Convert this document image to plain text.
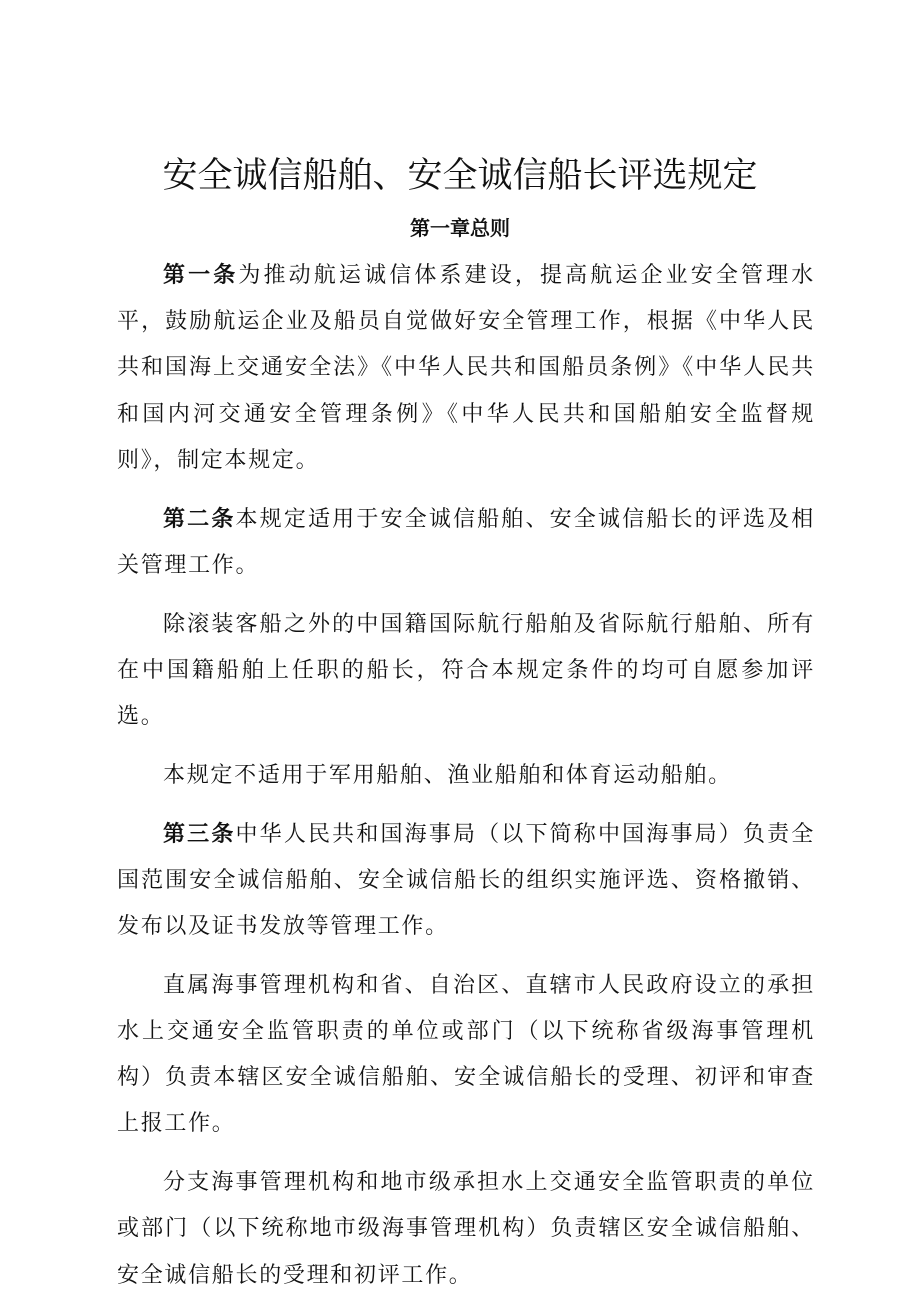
安全诚信船舶、安全诚信船长评选规定
第一章总则

第一条为推动航运诚信体系建设，提高航运企业安全管理水平，鼓励航运企业及船员自觉做好安全管理工作，根据《中华人民共和国海上交通安全法》《中华人民共和国船员条例》《中华人民共和国内河交通安全管理条例》《中华人民共和国船舶安全监督规则》，制定本规定。

第二条本规定适用于安全诚信船舶、安全诚信船长的评选及相关管理工作。

除滚装客船之外的中国籍国际航行船舶及省际航行船舶、所有在中国籍船舶上任职的船长，符合本规定条件的均可自愿参加评选。

本规定不适用于军用船舶、渔业船舶和体育运动船舶。

第三条中华人民共和国海事局（以下简称中国海事局）负责全国范围安全诚信船舶、安全诚信船长的组织实施评选、资格撤销、发布以及证书发放等管理工作。

直属海事管理机构和省、自治区、直辖市人民政府设立的承担水上交通安全监管职责的单位或部门（以下统称省级海事管理机构）负责本辖区安全诚信船舶、安全诚信船长的受理、初评和审查上报工作。

分支海事管理机构和地市级承担水上交通安全监管职责的单位或部门（以下统称地市级海事管理机构）负责辖区安全诚信船舶、安全诚信船长的受理和初评工作。
